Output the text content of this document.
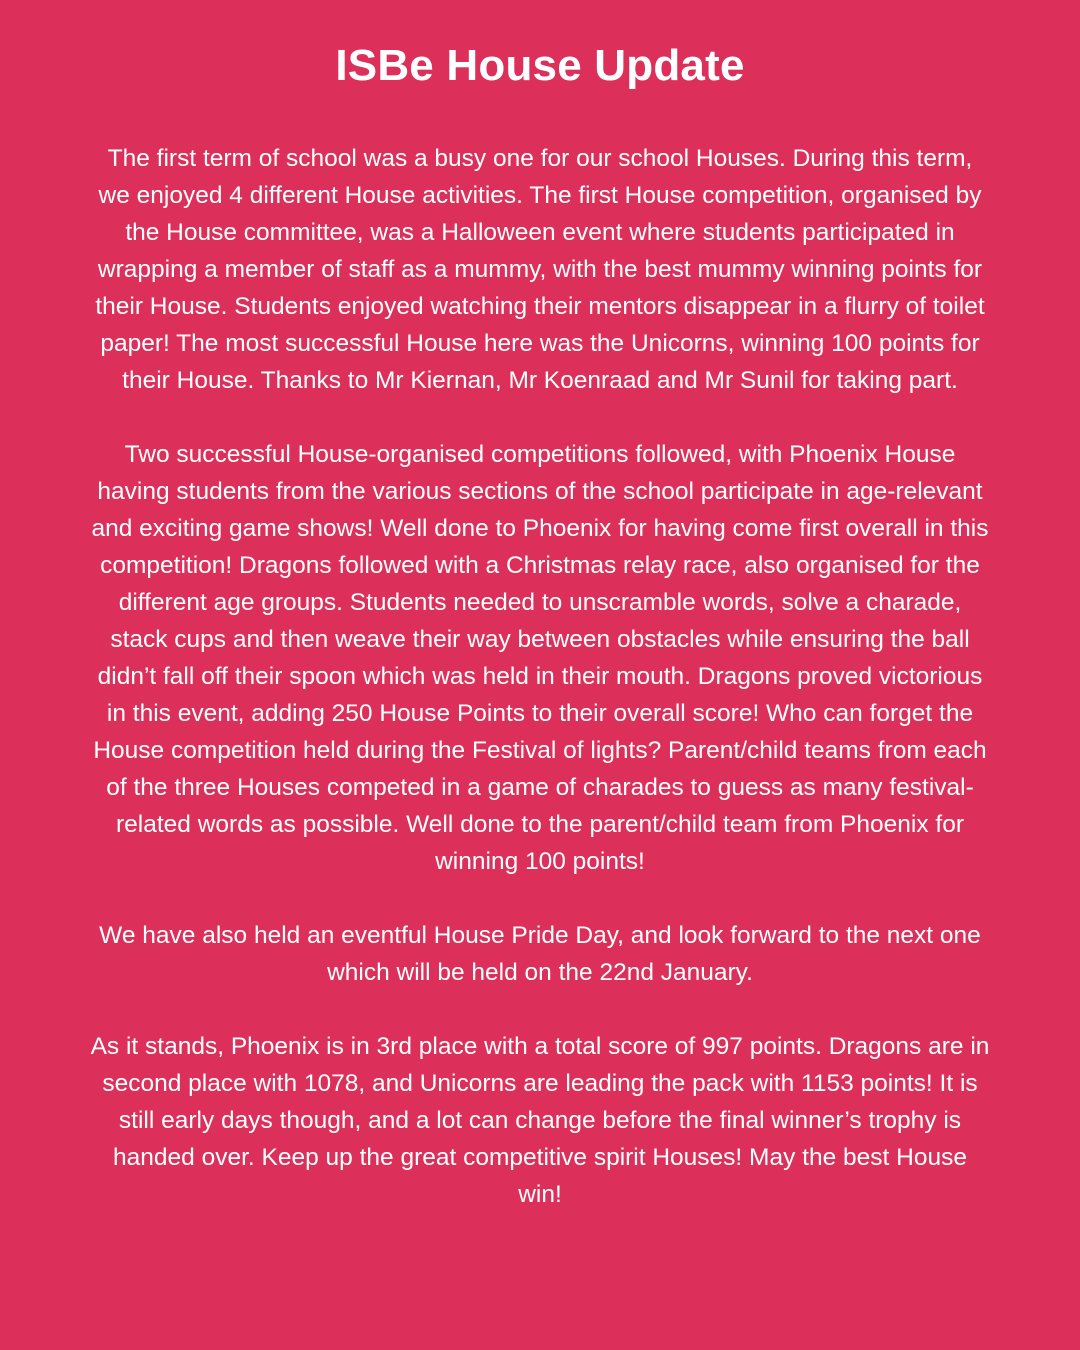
ISBe House Update

The first term of school was a busy one for our school Houses. During this term, we enjoyed 4 different House activities. The first House competition, organised by the House committee, was a Halloween event where students participated in wrapping a member of staff as a mummy, with the best mummy winning points for their House. Students enjoyed watching their mentors disappear in a flurry of toilet paper! The most successful House here was the Unicorns, winning 100 points for their House. Thanks to Mr Kiernan, Mr Koenraad and Mr Sunil for taking part.

Two successful House-organised competitions followed, with Phoenix House having students from the various sections of the school participate in age-relevant and exciting game shows! Well done to Phoenix for having come first overall in this competition! Dragons followed with a Christmas relay race, also organised for the different age groups. Students needed to unscramble words, solve a charade, stack cups and then weave their way between obstacles while ensuring the ball didn’t fall off their spoon which was held in their mouth. Dragons proved victorious in this event, adding 250 House Points to their overall score! Who can forget the House competition held during the Festival of lights? Parent/child teams from each of the three Houses competed in a game of charades to guess as many festival-related words as possible. Well done to the parent/child team from Phoenix for winning 100 points!

We have also held an eventful House Pride Day, and look forward to the next one which will be held on the 22nd January.

As it stands, Phoenix is in 3rd place with a total score of 997 points. Dragons are in second place with 1078, and Unicorns are leading the pack with 1153 points! It is still early days though, and a lot can change before the final winner’s trophy is handed over. Keep up the great competitive spirit Houses! May the best House win!
